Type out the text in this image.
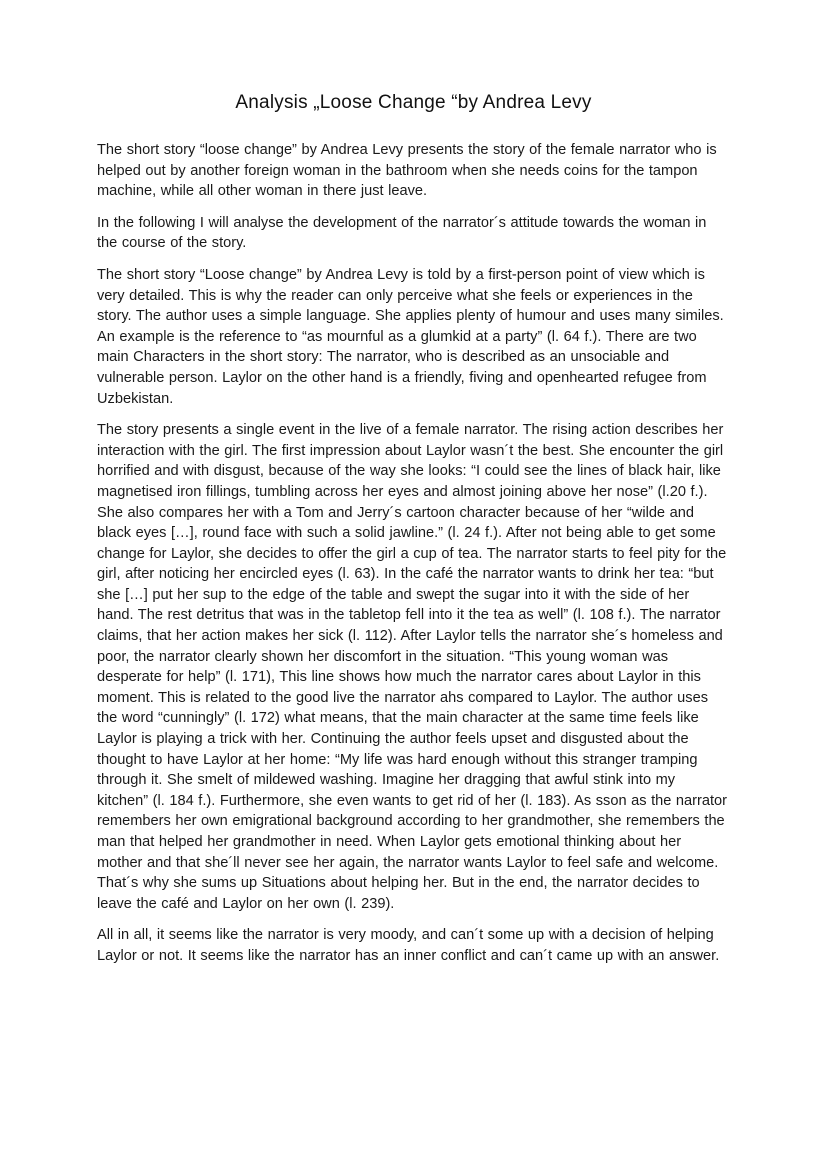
Analysis „Loose Change “by Andrea Levy

The short story “loose change” by Andrea Levy presents the story of the female narrator who is helped out by another foreign woman in the bathroom when she needs coins for the tampon machine, while all other woman in there just leave.

In the following I will analyse the development of the narrator´s attitude towards the woman in the course of the story.

The short story “Loose change” by Andrea Levy is told by a first-person point of view which is very detailed. This is why the reader can only perceive what she feels or experiences in the story. The author uses a simple language. She applies plenty of humour and uses many similes. An example is the reference to “as mournful as a glumkid at a party” (l. 64 f.). There are two main Characters in the short story: The narrator, who is described as an unsociable and vulnerable person. Laylor on the other hand is a friendly, fiving and openhearted refugee from Uzbekistan.

The story presents a single event in the live of a female narrator. The rising action describes her interaction with the girl. The first impression about Laylor wasn´t the best. She encounter the girl horrified and with disgust, because of the way she looks: “I could see the lines of black hair, like magnetised iron fillings, tumbling across her eyes and almost joining above her nose” (l.20 f.). She also compares her with a Tom and Jerry´s cartoon character because of her “wilde and black eyes […], round face with such a solid jawline.” (l. 24 f.). After not being able to get some change for Laylor, she decides to offer the girl a cup of tea. The narrator starts to feel pity for the girl, after noticing her encircled eyes (l. 63). In the café the narrator wants to drink her tea: “but she […] put her sup to the edge of the table and swept the sugar into it with the side of her hand. The rest detritus that was in the tabletop fell into it the tea as well” (l. 108 f.). The narrator claims, that her action makes her sick (l. 112). After Laylor tells the narrator she´s homeless and poor, the narrator clearly shown her discomfort in the situation. “This young woman was desperate for help” (l. 171), This line shows how much the narrator cares about Laylor in this moment. This is related to the good live the narrator ahs compared to Laylor. The author uses the word “cunningly” (l. 172) what means, that the main character at the same time feels like Laylor is playing a trick with her. Continuing the author feels upset and disgusted about the thought to have Laylor at her home: “My life was hard enough without this stranger tramping through it. She smelt of mildewed washing. Imagine her dragging that awful stink into my kitchen” (l. 184 f.). Furthermore, she even wants to get rid of her (l. 183). As sson as the narrator remembers her own emigrational background according to her grandmother, she remembers the man that helped her grandmother in need. When Laylor gets emotional thinking about her mother and that she´ll never see her again, the narrator wants Laylor to feel safe and welcome. That´s why she sums up Situations about helping her. But in the end, the narrator decides to leave the café and Laylor on her own (l. 239).

All in all, it seems like the narrator is very moody, and can´t some up with a decision of helping Laylor or not. It seems like the narrator has an inner conflict and can´t came up with an answer.
